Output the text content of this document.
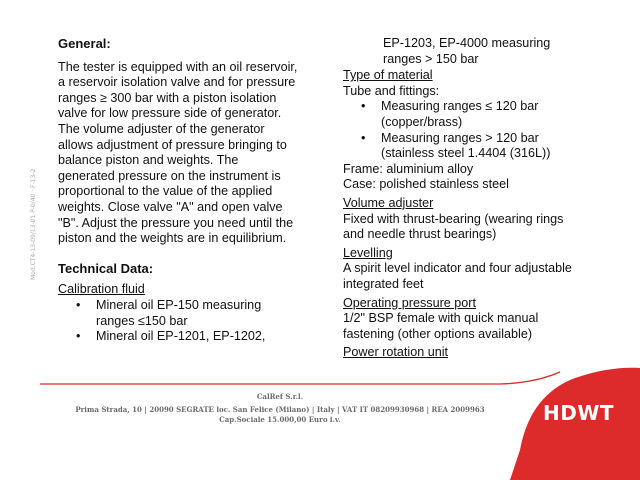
Mod.CT4-13-09/13-01 P-0/40 · F-13-2

General:

The tester is equipped with an oil reservoir, a reservoir isolation valve and for pressure ranges ≥ 300 bar with a piston isolation valve for low pressure side of generator. The volume adjuster of the generator allows adjustment of pressure bringing to balance piston and weights. The generated pressure on the instrument is proportional to the value of the applied weights. Close valve "A" and open valve "B". Adjust the pressure you need until the piston and the weights are in equilibrium.

Technical Data:

Calibration fluid
• Mineral oil EP-150 measuring ranges ≤150 bar
• Mineral oil EP-1201, EP-1202,
EP-1203, EP-4000 measuring ranges > 150 bar
Type of material
Tube and fittings:
• Measuring ranges ≤ 120 bar (copper/brass)
• Measuring ranges > 120 bar (stainless steel 1.4404 (316L))
Frame: aluminium alloy
Case: polished stainless steel
Volume adjuster
Fixed with thrust-bearing (wearing rings and needle thrust bearings)
Levelling
A spirit level indicator and four adjustable integrated feet
Operating pressure port
1/2" BSP female with quick manual fastening (other options available)
Power rotation unit
CalRef S.r.l.
Prima Strada, 10 | 20090 SEGRATE loc. San Felice (Milano) | Italy | VAT IT 08209930968 | REA 2009963
Cap.Sociale 15.000,00 Euro i.v.	HDWT
